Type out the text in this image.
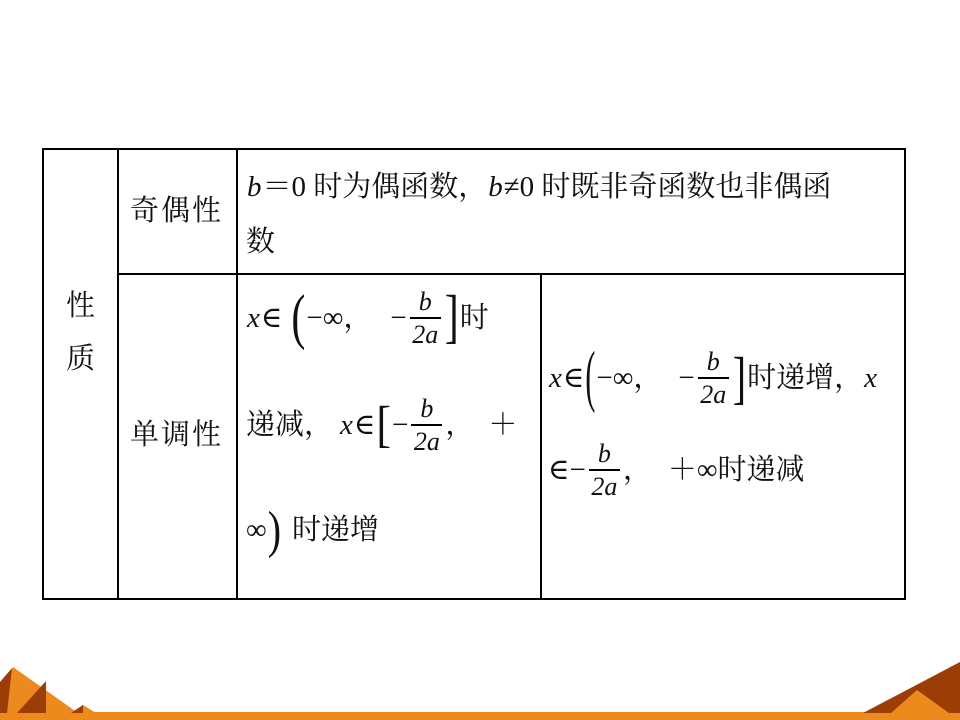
性
质
奇偶性
单调性
b ＝0 时为偶函数， b ≠0 时既非奇函数也非偶函
数
x ∈ ( −∞， − $\frac{b}{2a}$ ] 时
递减， x ∈ [ − $\frac{b}{2a}$ ， ＋
∞ ) 时递增
x ∈ ( −∞， − $\frac{b}{2a}$ ] 时递增， x
∈ − $\frac{b}{2a}$ ， ＋∞时递减
